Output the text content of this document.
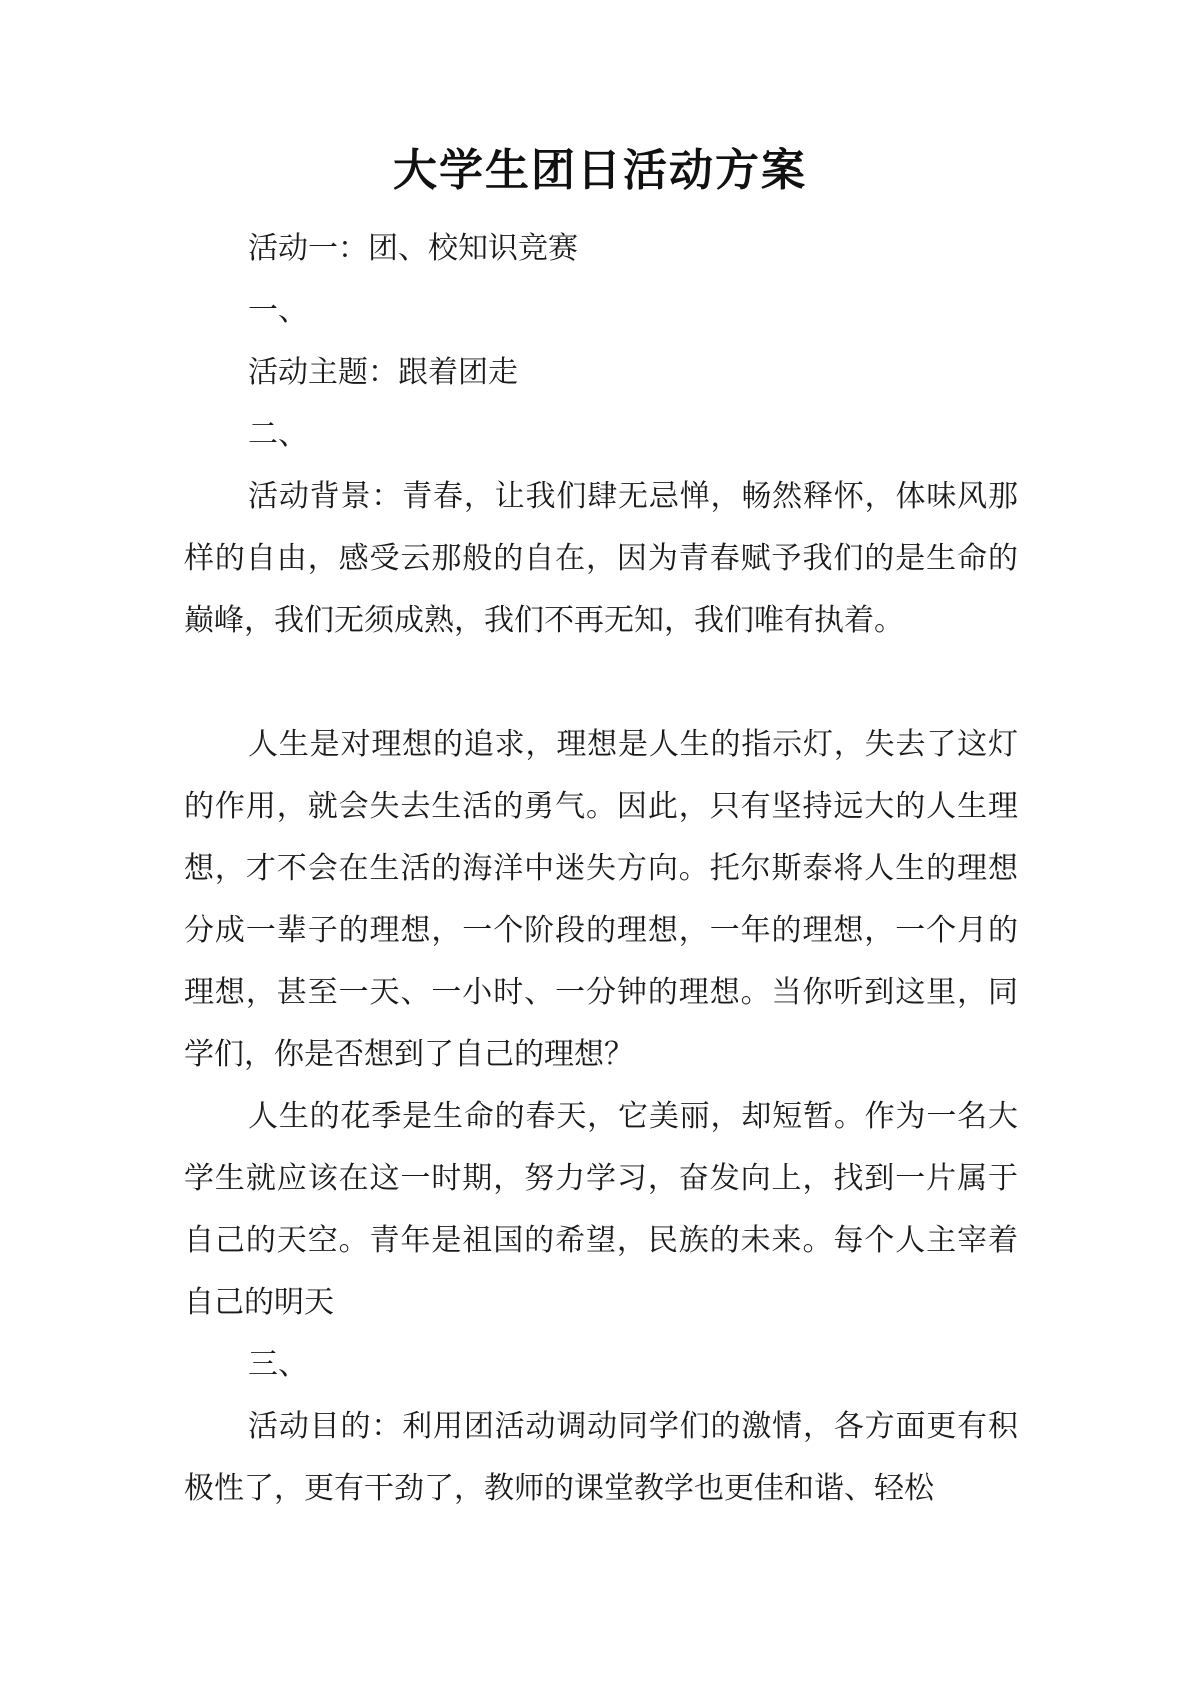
大学生团日活动方案

活动一：团、校知识竞赛

一、

活动主题：跟着团走

二、

活动背景：青春，让我们肆无忌惮，畅然释怀，体味风那样的自由，感受云那般的自在，因为青春赋予我们的是生命的巅峰，我们无须成熟，我们不再无知，我们唯有执着。

人生是对理想的追求，理想是人生的指示灯，失去了这灯的作用，就会失去生活的勇气。因此，只有坚持远大的人生理想，才不会在生活的海洋中迷失方向。托尔斯泰将人生的理想分成一辈子的理想，一个阶段的理想，一年的理想，一个月的理想，甚至一天、一小时、一分钟的理想。当你听到这里，同学们，你是否想到了自己的理想？

人生的花季是生命的春天，它美丽，却短暂。作为一名大学生就应该在这一时期，努力学习，奋发向上，找到一片属于自己的天空。青年是祖国的希望，民族的未来。每个人主宰着自己的明天

三、

活动目的：利用团活动调动同学们的激情，各方面更有积极性了，更有干劲了，教师的课堂教学也更佳和谐、轻松
